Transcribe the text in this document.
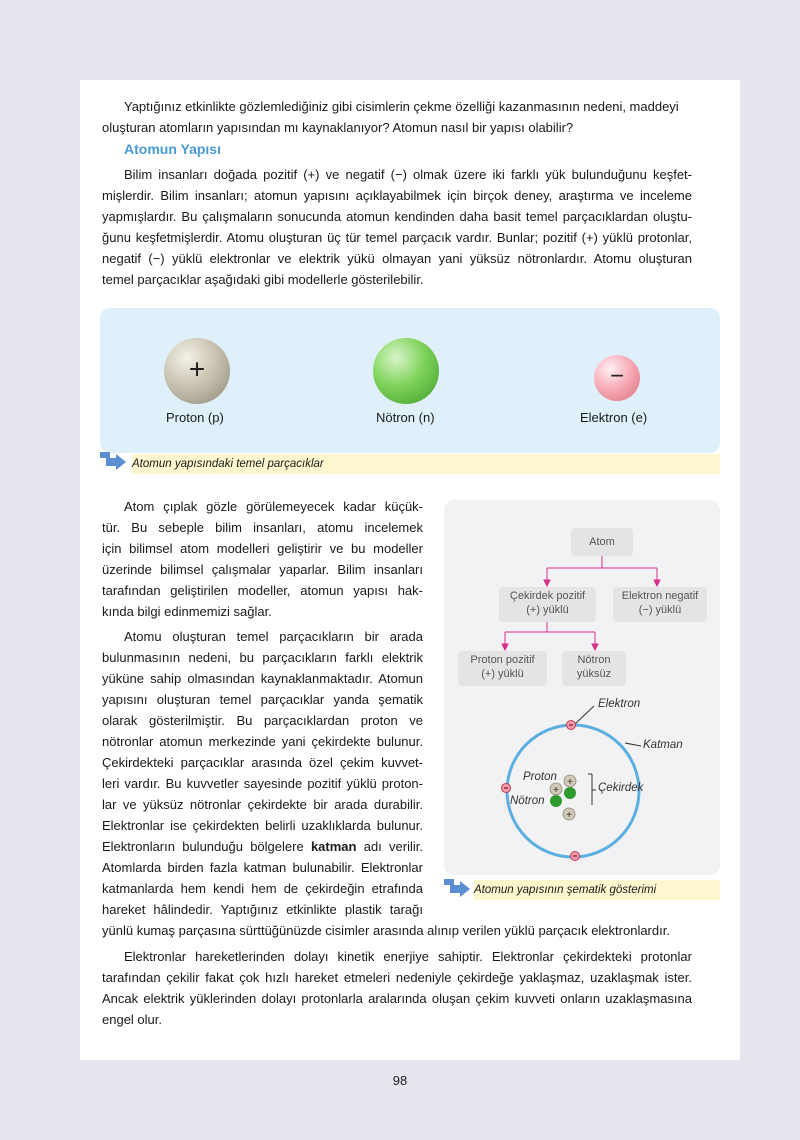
Yaptığınız etkinlikte gözlemlediğiniz gibi cisimlerin çekme özelliği kazanmasının nedeni, maddeyi

oluşturan atomların yapısından mı kaynaklanıyor? Atomun nasıl bir yapısı olabilir?

Atomun Yapısı

Bilim insanları doğada pozitif (+) ve negatif (−) olmak üzere iki farklı yük bulunduğunu keşfet-

mişlerdir. Bilim insanları; atomun yapısını açıklayabilmek için birçok deney, araştırma ve inceleme

yapmışlardır. Bu çalışmaların sonucunda atomun kendinden daha basit temel parçacıklardan oluştu-

ğunu keşfetmişlerdir. Atomu oluşturan üç tür temel parçacık vardır. Bunlar; pozitif (+) yüklü protonlar,

negatif (−) yüklü elektronlar ve elektrik yükü olmayan yani yüksüz nötronlardır. Atomu oluşturan

temel parçacıklar aşağıdaki gibi modellerle gösterilebilir.

+
Proton (p)	Nötron (n)
−
Elektron (e)
Atomun yapısındaki temel parçacıklar

Atom çıplak gözle görülemeyecek kadar küçük-

tür. Bu sebeple bilim insanları, atomu incelemek

için bilimsel atom modelleri geliştirir ve bu modeller

üzerinde bilimsel çalışmalar yaparlar. Bilim insanları

tarafından geliştirilen modeller, atomun yapısı hak-

kında bilgi edinmemizi sağlar.

Atomu oluşturan temel parçacıkların bir arada

bulunmasının nedeni, bu parçacıkların farklı elektrik

yüküne sahip olmasından kaynaklanmaktadır. Atomun

yapısını oluşturan temel parçacıklar yanda şematik

olarak gösterilmiştir. Bu parçacıklardan proton ve

nötronlar atomun merkezinde yani çekirdekte bulunur.

Çekirdekteki parçacıklar arasında özel çekim kuvvet-

leri vardır. Bu kuvvetler sayesinde pozitif yüklü proton-

lar ve yüksüz nötronlar çekirdekte bir arada durabilir.

Elektronlar ise çekirdekten belirli uzaklıklarda bulunur.

Elektronların bulunduğu bölgelere katman adı verilir.

Atomlarda birden fazla katman bulunabilir. Elektronlar

katmanlarda hem kendi hem de çekirdeğin etrafında

hareket hâlindedir. Yaptığınız etkinlikte plastik tarağı

yünlü kumaş parçasına sürttüğünüzde cisimler arasında alınıp verilen yüklü parçacık elektronlardır.

Elektronlar hareketlerinden dolayı kinetik enerjiye sahiptir. Elektronlar çekirdekteki protonlar

tarafından çekilir fakat çok hızlı hareket etmeleri nedeniyle çekirdeğe yaklaşmaz, uzaklaşmak ister.

Ancak elektrik yüklerinden dolayı protonlarla aralarında oluşan çekim kuvveti onların uzaklaşmasına

engel olur.

+
+
+
Atom
Çekirdek pozitif
(+) yüklü
Elektron negatif
(−) yüklü
Proton pozitif
(+) yüklü
Nötron
yüksüz
Elektron
Katman
Proton
Nötron
Çekirdek
Atomun yapısının şematik gösterimi
98
